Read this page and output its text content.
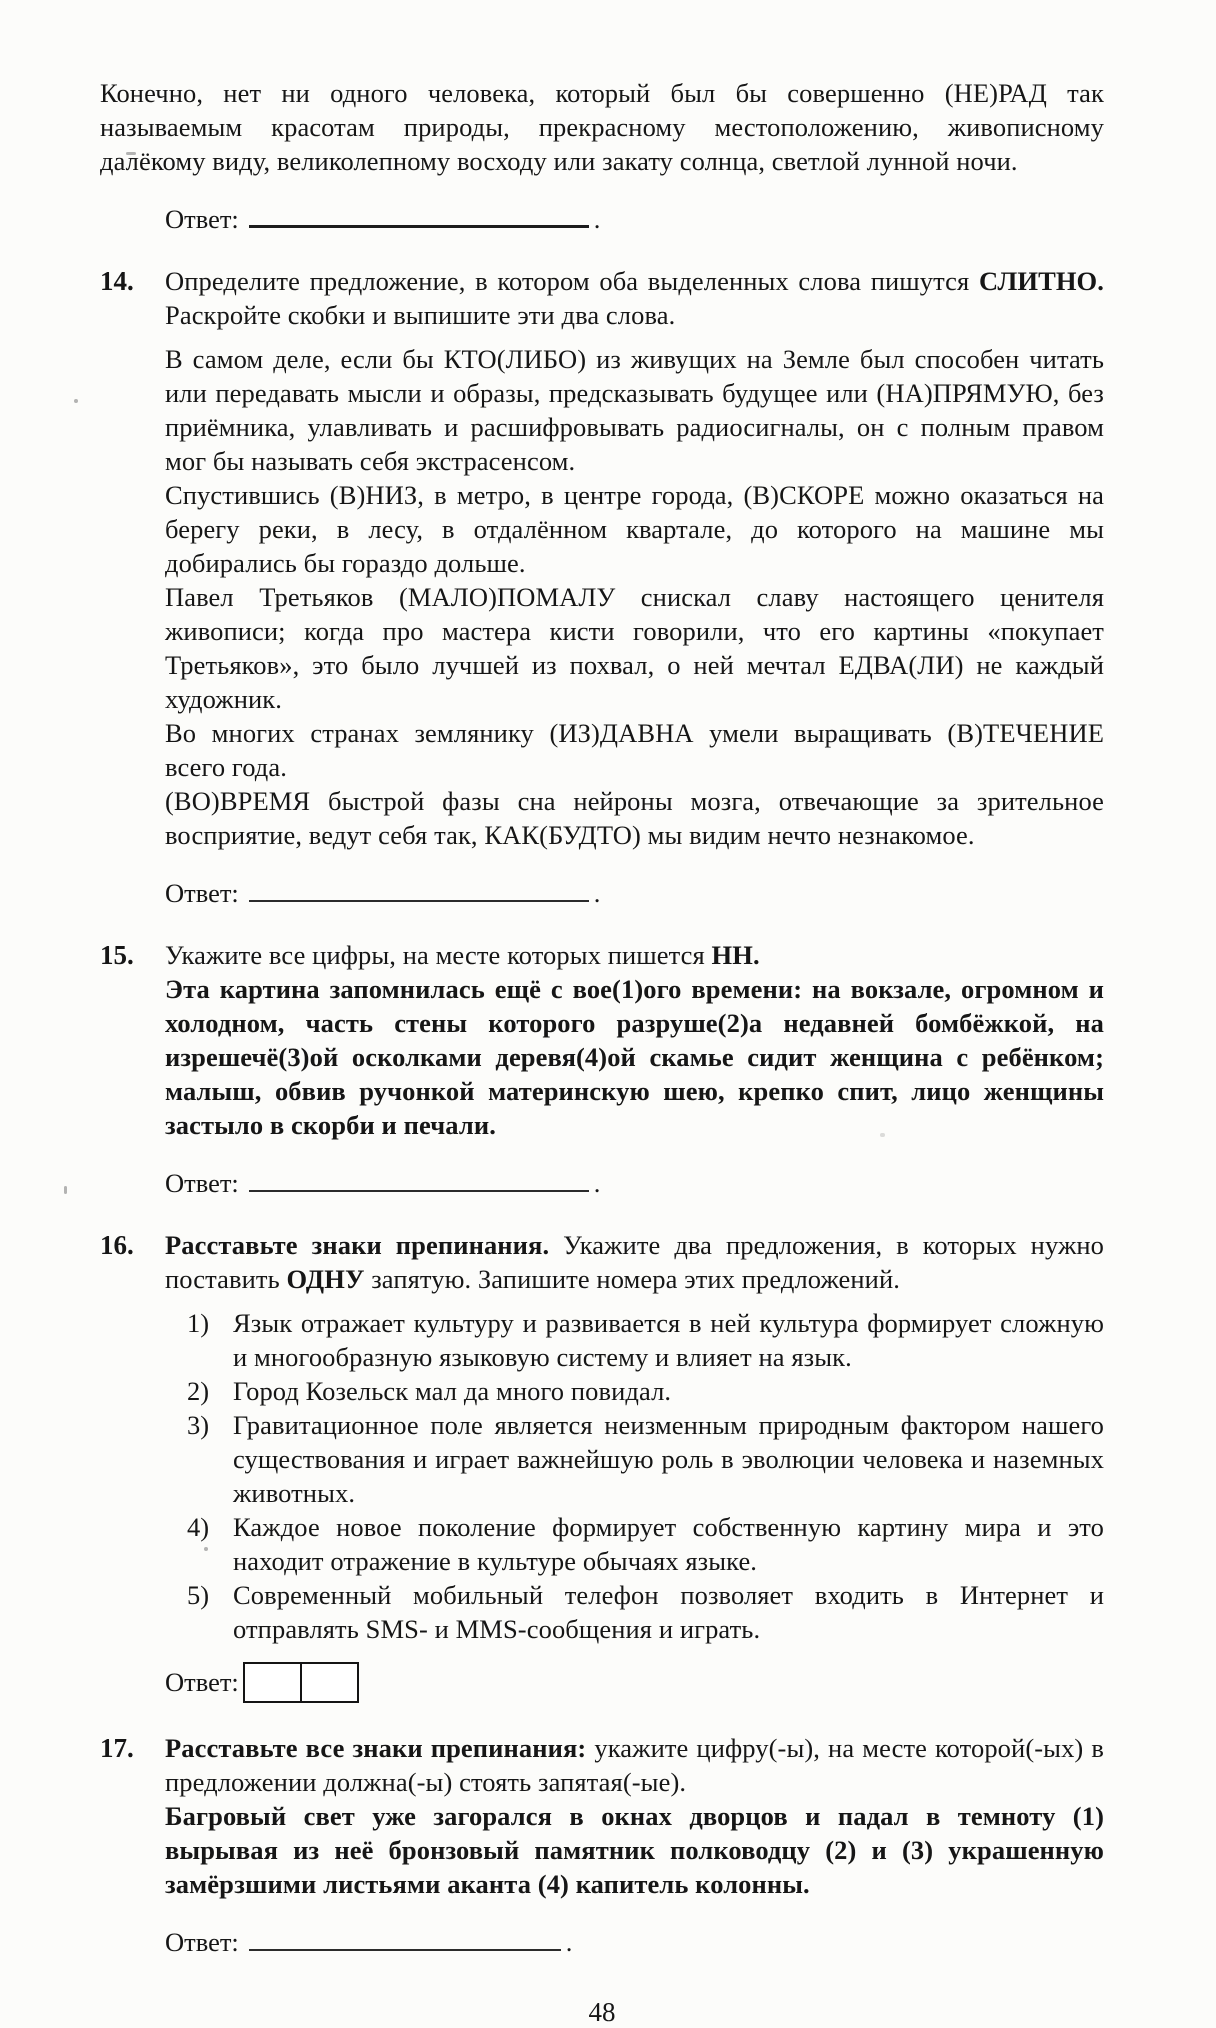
Конечно, нет ни одного человека, который был бы совершенно (НЕ)РАД так называемым красотам природы, прекрасному местоположению, живописному далёкому виду, великолепному восходу или закату солнца, светлой лунной ночи.

Ответ:	.
14.	Определите предложение, в котором оба выделенных слова пишутся СЛИТНО. Раскройте скобки и выпишите эти два слова.

В самом деле, если бы КТО(ЛИБО) из живущих на Земле был способен читать или передавать мысли и образы, предсказывать будущее или (НА)ПРЯМУЮ, без приёмника, улавливать и расшифровывать радиосигналы, он с полным правом мог бы называть себя экстрасенсом.

Спустившись (В)НИЗ, в метро, в центре города, (В)СКОРЕ можно оказаться на берегу реки, в лесу, в отдалённом квартале, до которого на машине мы добирались бы гораздо дольше.

Павел Третьяков (МАЛО)ПОМАЛУ снискал славу настоящего ценителя живописи; когда про мастера кисти говорили, что его картины «покупает Третьяков», это было лучшей из похвал, о ней мечтал ЕДВА(ЛИ) не каждый художник.

Во многих странах землянику (ИЗ)ДАВНА умели выращивать (В)ТЕЧЕНИЕ всего года.

(ВО)ВРЕМЯ быстрой фазы сна нейроны мозга, отвечающие за зрительное восприятие, ведут себя так, КАК(БУДТО) мы видим нечто незнакомое.

Ответ:	.
15.	Укажите все цифры, на месте которых пишется НН.

Эта картина запомнилась ещё с вое(1)ого времени: на вокзале, огромном и холодном, часть стены которого разруше(2)а недавней бомбёжкой, на изрешечё(3)ой осколками деревя(4)ой скамье сидит женщина с ребёнком; малыш, обвив ручонкой материнскую шею, крепко спит, лицо женщины застыло в скорби и печали.

Ответ:	.
16.	Расставьте знаки препинания. Укажите два предложения, в которых нужно поставить ОДНУ запятую. Запишите номера этих предложений.

1) Язык отражает культуру и развивается в ней культура формирует сложную и многообразную языковую систему и влияет на язык.

2) Город Козельск мал да много повидал.

3) Гравитационное поле является неизменным природным фактором нашего существования и играет важнейшую роль в эволюции человека и наземных животных.

4) Каждое новое поколение формирует собственную картину мира и это находит отражение в культуре обычаях языке.

5) Современный мобильный телефон позволяет входить в Интернет и отправлять SMS- и MMS-сообщения и играть.

Ответ:
17.	Расставьте все знаки препинания: укажите цифру(-ы), на месте которой(-ых) в предложении должна(-ы) стоять запятая(-ые).

Багровый свет уже загорался в окнах дворцов и падал в темноту (1) вырывая из неё бронзовый памятник полководцу (2) и (3) украшенную замёрзшими листьями аканта (4) капитель колонны.

Ответ:	.
48
